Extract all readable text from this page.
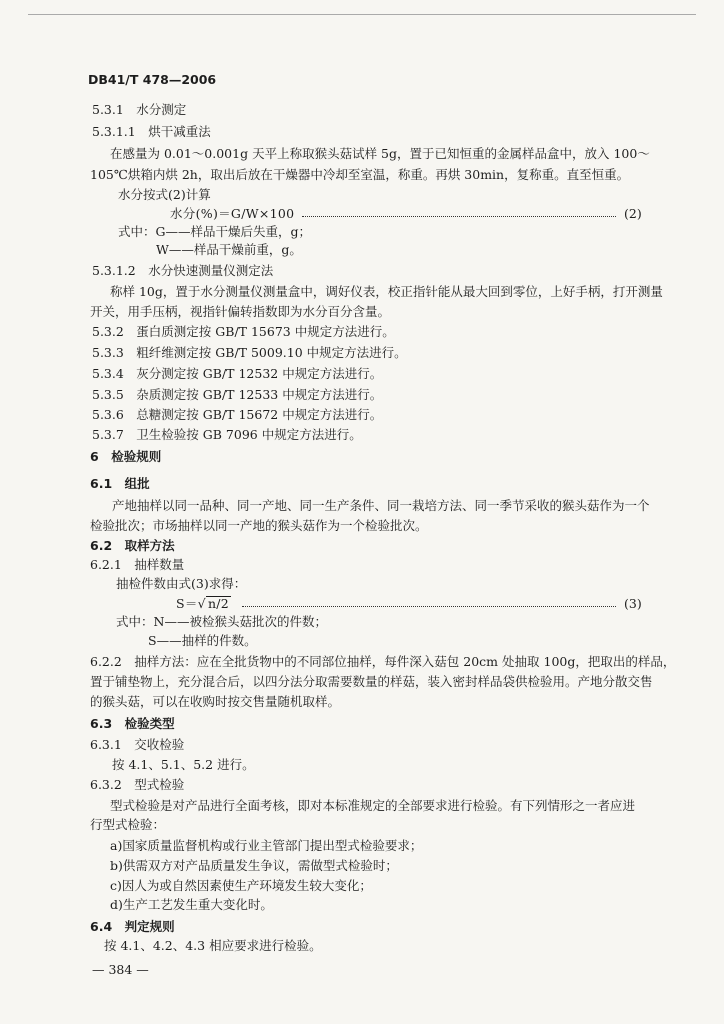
DB41/T 478—2006
5.3.1　水分测定
5.3.1.1　烘干减重法
在感量为 0.01～0.001g 天平上称取猴头菇试样 5g，置于已知恒重的金属样品盒中，放入 100～
105℃烘箱内烘 2h，取出后放在干燥器中冷却至室温，称重。再烘 30min，复称重。直至恒重。
水分按式(2)计算
水分(%)＝G/W×100	(2)
式中：G——样品干燥后失重，g；
W——样品干燥前重，g。
5.3.1.2　水分快速测量仪测定法
称样 10g，置于水分测量仪测量盒中，调好仪表，校正指针能从最大回到零位，上好手柄，打开测量
开关，用手压柄，视指针偏转指数即为水分百分含量。
5.3.2　蛋白质测定按 GB/T 15673 中规定方法进行。
5.3.3　粗纤维测定按 GB/T 5009.10 中规定方法进行。
5.3.4　灰分测定按 GB/T 12532 中规定方法进行。
5.3.5　杂质测定按 GB/T 12533 中规定方法进行。
5.3.6　总糖测定按 GB/T 15672 中规定方法进行。
5.3.7　卫生检验按 GB 7096 中规定方法进行。
6　检验规则
6.1　组批
产地抽样以同一品种、同一产地、同一生产条件、同一栽培方法、同一季节采收的猴头菇作为一个
检验批次；市场抽样以同一产地的猴头菇作为一个检验批次。
6.2　取样方法
6.2.1　抽样数量
抽检件数由式(3)求得：
S＝√ n/2	(3)
式中：N——被检猴头菇批次的件数；
S——抽样的件数。
6.2.2　抽样方法：应在全批货物中的不同部位抽样，每件深入菇包 20cm 处抽取 100g，把取出的样品，
置于铺垫物上，充分混合后，以四分法分取需要数量的样菇，装入密封样品袋供检验用。产地分散交售
的猴头菇，可以在收购时按交售量随机取样。
6.3　检验类型
6.3.1　交收检验
按 4.1、5.1、5.2 进行。
6.3.2　型式检验
型式检验是对产品进行全面考核，即对本标准规定的全部要求进行检验。有下列情形之一者应进
行型式检验：
a)国家质量监督机构或行业主管部门提出型式检验要求；
b)供需双方对产品质量发生争议，需做型式检验时；
c)因人为或自然因素使生产环境发生较大变化；
d)生产工艺发生重大变化时。
6.4　判定规则
按 4.1、4.2、4.3 相应要求进行检验。
— 384 —
